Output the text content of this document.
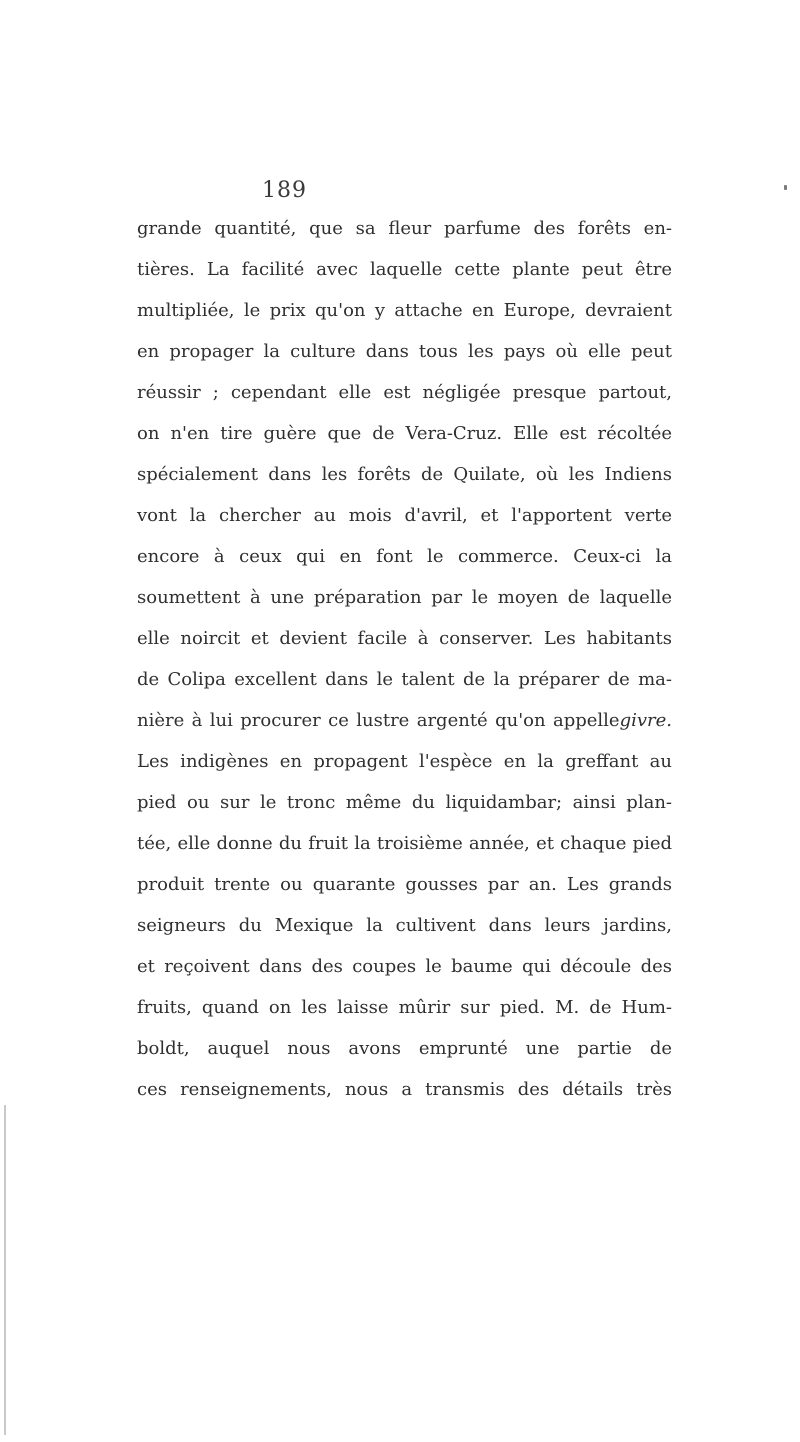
189
grande quantité, que sa fleur parfume des forêts en-
tières. La facilité avec laquelle cette plante peut être
multipliée, le prix qu'on y attache en Europe, devraient
en propager la culture dans tous les pays où elle peut
réussir ; cependant elle est négligée presque partout,
on n'en tire guère que de Vera-Cruz. Elle est récoltée
spécialement dans les forêts de Quilate, où les Indiens
vont la chercher au mois d'avril, et l'apportent verte
encore à ceux qui en font le commerce. Ceux-ci la
soumettent à une préparation par le moyen de laquelle
elle noircit et devient facile à conserver. Les habitants
de Colipa excellent dans le talent de la préparer de ma-
nière à lui procurer ce lustre argenté qu'on appellegivre.
Les indigènes en propagent l'espèce en la greffant au
pied ou sur le tronc même du liquidambar; ainsi plan-
tée, elle donne du fruit la troisième année, et chaque pied
produit trente ou quarante gousses par an. Les grands
seigneurs du Mexique la cultivent dans leurs jardins,
et reçoivent dans des coupes le baume qui découle des
fruits, quand on les laisse mûrir sur pied. M. de Hum-
boldt, auquel nous avons emprunté une partie de
ces renseignements, nous a transmis des détails très
